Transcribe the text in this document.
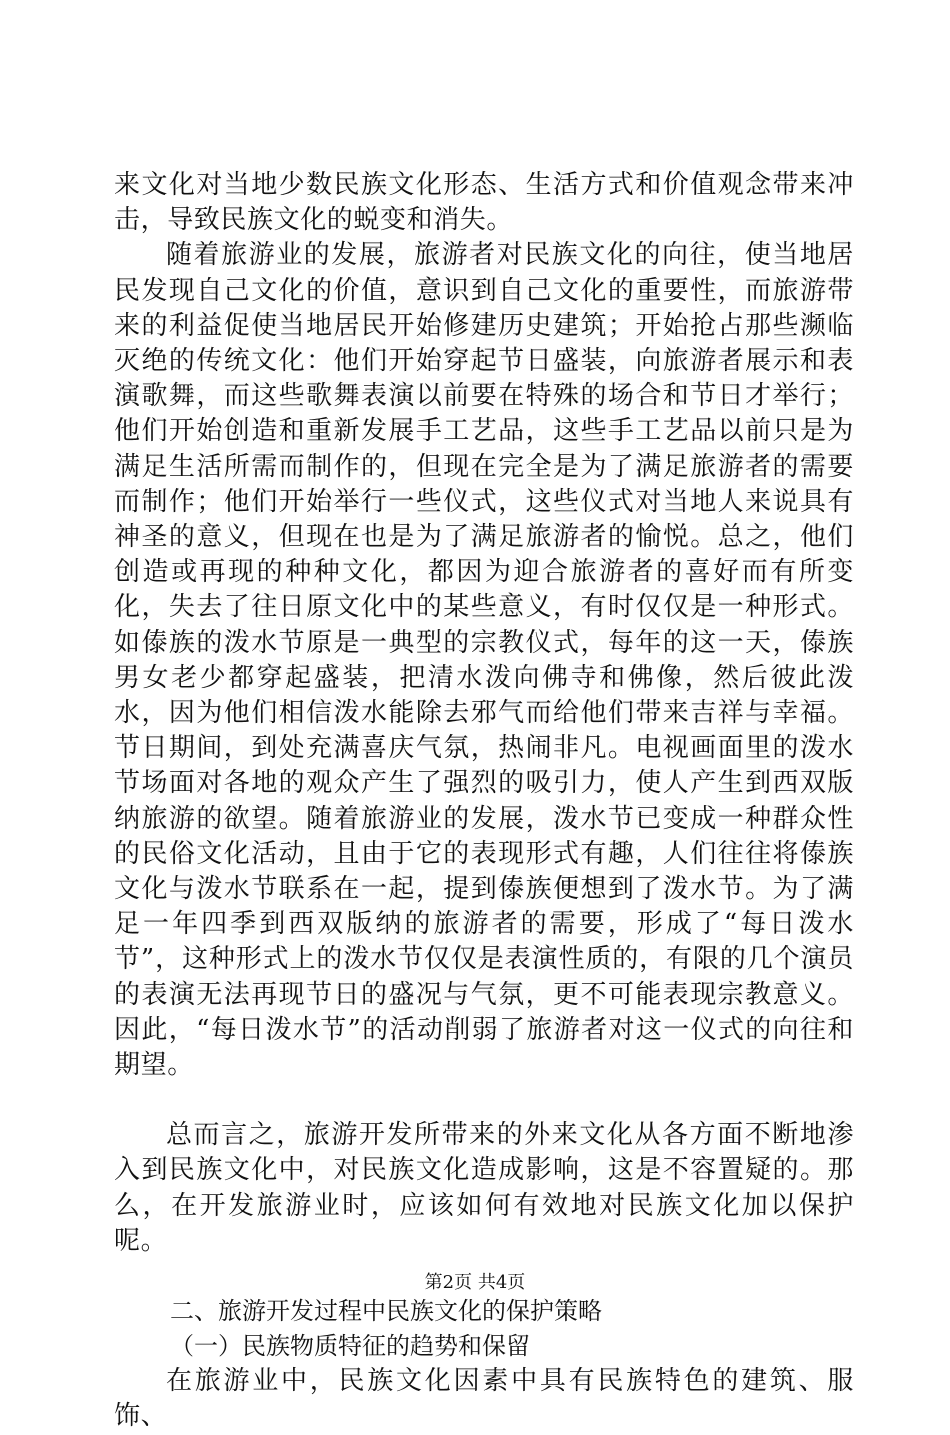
来文化对当地少数民族文化形态、生活方式和价值观念带来冲击，导致民族文化的蜕变和消失。

随着旅游业的发展，旅游者对民族文化的向往，使当地居民发现自己文化的价值，意识到自己文化的重要性，而旅游带来的利益促使当地居民开始修建历史建筑；开始抢占那些濒临灭绝的传统文化：他们开始穿起节日盛装，向旅游者展示和表演歌舞，而这些歌舞表演以前要在特殊的场合和节日才举行；他们开始创造和重新发展手工艺品，这些手工艺品以前只是为满足生活所需而制作的，但现在完全是为了满足旅游者的需要而制作；他们开始举行一些仪式，这些仪式对当地人来说具有神圣的意义，但现在也是为了满足旅游者的愉悦。总之，他们创造或再现的种种文化，都因为迎合旅游者的喜好而有所变化，失去了往日原文化中的某些意义，有时仅仅是一种形式。如傣族的泼水节原是一典型的宗教仪式，每年的这一天，傣族男女老少都穿起盛装，把清水泼向佛寺和佛像，然后彼此泼水，因为他们相信泼水能除去邪气而给他们带来吉祥与幸福。节日期间，到处充满喜庆气氛，热闹非凡。电视画面里的泼水节场面对各地的观众产生了强烈的吸引力，使人产生到西双版纳旅游的欲望。随着旅游业的发展，泼水节已变成一种群众性的民俗文化活动，且由于它的表现形式有趣，人们往往将傣族文化与泼水节联系在一起，提到傣族便想到了泼水节。为了满足一年四季到西双版纳的旅游者的需要，形成了“每日泼水节”，这种形式上的泼水节仅仅是表演性质的，有限的几个演员的表演无法再现节日的盛况与气氛，更不可能表现宗教意义。因此，“每日泼水节”的活动削弱了旅游者对这一仪式的向往和期望。

总而言之，旅游开发所带来的外来文化从各方面不断地渗入到民族文化中，对民族文化造成影响，这是不容置疑的。那么，在开发旅游业时，应该如何有效地对民族文化加以保护呢。

二、旅游开发过程中民族文化的保护策略

（一）民族物质特征的趋势和保留

在旅游业中，民族文化因素中具有民族特色的建筑、服饰、

第2页 共4页
